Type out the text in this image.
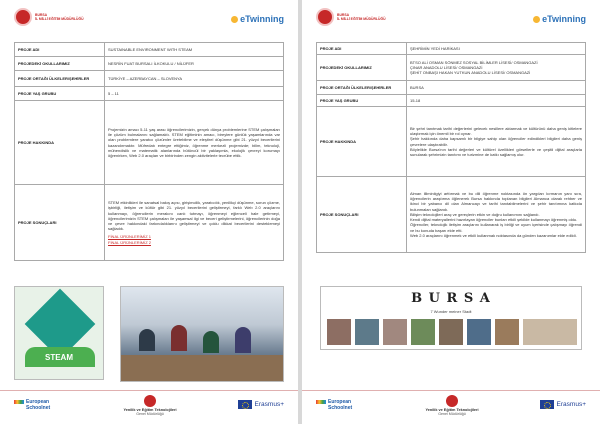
BURSA
İL MİLLİ EĞİTİM MÜDÜRLÜĞÜ	eTwinning
PROJE ADI	SUSTAINABLE ENVIRONMENT WITH STEAM
PROJEDEKİ OKULLARIMIZ	NESRİN FUAT BURSALI İLKOKULU / NİLÜFER
PROJE ORTAĞI ÜLKELER/ŞEHİRLER	TÜRKİYE – AZERBAYCAN – SLOVENYA
PROJE YAŞ GRUBU	5 – 11
PROJE HAKKINDA	Projemizin amacı 5-11 yaş arası öğrencilerimizin, gerçek dünya problemlerine STEM çalışmaları ile çözüm bulmalarını sağlamaktı. STEM eğitiminin amacı, bireylere günlük yaşamlarında var olan problemlere yaratıcı çözümler üretebilme ve eleştirel düşünme gibi 21. yüzyıl becerilerini kazandırmaktır. Müfredatı entegre ettiğimiz, öğrenme merkezli projemizde; bilim, teknoloji, mühendislik ve matematik alanlarında bütüncül bir yaklaşımla, ekolojik çevreyi korumayı öğrenirken, Web 2.0 araçları ve birbirinden zengin aktivitelerle tecrübe ettik.

PROJE SONUÇLARI	STEM etkinlikleri ile sanatsal bakış açısı, girişimcilik, yaratıcılık, yenilikçi düşünme, sorun çözme, işbirliği, iletişim ve kültür gibi 21. yüzyıl becerilerini geliştirmeyi, farklı Web 2.0 araçlarını kullanmayı, öğrencilerin merakını canlı tutmayı, öğrenmeyi eğlenceli hale getirmeyi, öğrencilerimizin STEM çalışmaları ile yaşamsal ilgi ve beceri geliştirmelerini, öğrencilerinin doğa ve çevre hakkındaki farkındalıklarını geliştirmeyi ve çoklu dikkat becerilerini desteklemeyi sağladık.

FİNAL ÜRÜNLERİMİZ 1
FİNAL ÜRÜNLERİMİZ 2
STEAM
European
Schoolnet	Yenilik ve Eğitim Teknolojileri
Genel Müdürlüğü
Erasmus+
BURSA
İL MİLLİ EĞİTİM MÜDÜRLÜĞÜ	eTwinning
PROJE ADI	ŞEHRİMİN YEDİ HARİKASI
PROJEDEKİ OKULLARIMIZ	BTSO ALİ OSMAN SÖNMEZ SOSYAL BİLİMLER LİSESİ/ OSMANGAZİ
ÇINAR ANADOLU LİSESİ/ OSMANGAZİ
ŞEHİT ONBAŞI HAKAN YUTKUN ANADOLU LİSESİ/ OSMANGAZİ
PROJE ORTAĞI ÜLKELER/ŞEHİRLER	BURSA
PROJE YAŞ GRUBU	15-18
PROJE HAKKINDA	Bir şehri tanıtmak tarihi değerlerini gelecek nesillere aktarmak ve kültürünü daha geniş kitlelere ulaştırmak için önemli bir rol oynar.
Şehir hakkında daha kapsamlı bir bilgiye sahip olan öğrenciler edindikleri bilgileri daha geniş çevrelere ulaştırabilir.
Böylelikle Bursa'nın tarihi değerleri ve kültürel özellikleri görsellerle ve çeşitli dijital araçlarla sunularak şehrimizin tanıtımı ve turizmine de katkı sağlamış olur.

PROJE SONUÇLARI	Alman illiminiigiyi arttırmak ve bu dili öğrenme noktasında ön yargıları kırmanın yanı sıra, öğrencilerin araştırma öğlenerek Bursa hakkında toplanan bilgileri Almanca olarak rehber ve ikinci bir yabancı dil olan Almancayı ve tarihi tanıtabilmelerini ve şehir tanıtımına katkıda bulunmaları sağlandı.
Bilişim teknolojileri araç ve gereçlerin etkin ve doğru kullanımını sağlandı.
Kendi dijital materyallerini hazırlayan öğrenciler bunları etkili şekilde kullanmayı öğrenmiş oldu.
Öğrenciler, teknolojik iletişim araçlarını kullanarak iş birliği ve uyum içerisinde çalışmayı öğrendi ve bu konuda başarı elde etti.
Web 2.0 araçlarını öğrenmek ve etkili kullanmak noktasında da günden kazanımlar elde edildi.

B U R S A
7 Wunder meiner Stadt
European
Schoolnet	Yenilik ve Eğitim Teknolojileri
Genel Müdürlüğü
Erasmus+
